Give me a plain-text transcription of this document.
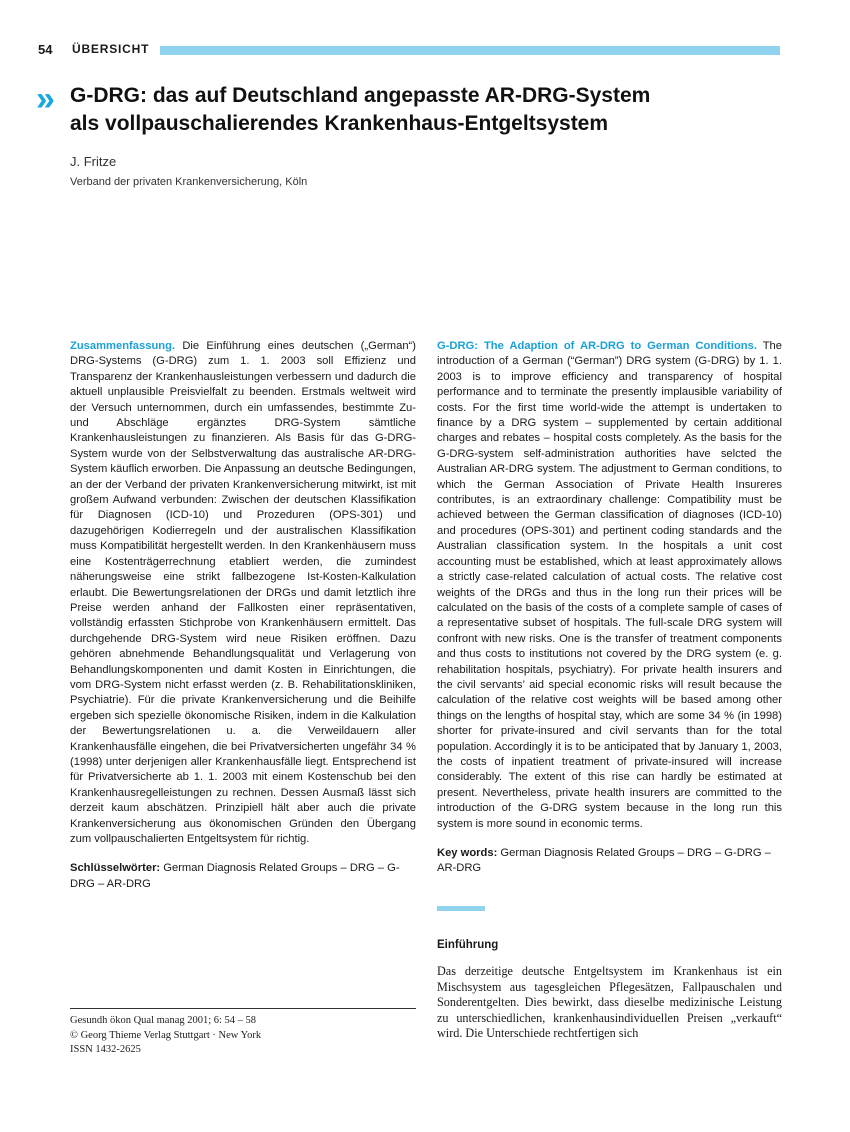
54 ÜBERSICHT
» G-DRG: das auf Deutschland angepasste AR-DRG-System
als vollpauschalierendes Krankenhaus-Entgeltsystem
J. Fritze
Verband der privaten Krankenversicherung, Köln

Zusammenfassung. Die Einführung eines deutschen („German“) DRG-Systems (G-DRG) zum 1. 1. 2003 soll Effizienz und Transparenz der Krankenhausleistungen verbessern und dadurch die aktuell unplausible Preisvielfalt zu beenden. Erstmals weltweit wird der Versuch unternommen, durch ein umfassendes, bestimmte Zu- und Abschläge ergänztes DRG-System sämtliche Krankenhausleistungen zu finanzieren. Als Basis für das G-DRG-System wurde von der Selbstverwaltung das australische AR-DRG-System käuflich erworben. Die Anpassung an deutsche Bedingungen, an der der Verband der privaten Krankenversicherung mitwirkt, ist mit großem Aufwand verbunden: Zwischen der deutschen Klassifikation für Diagnosen (ICD-10) und Prozeduren (OPS-301) und dazugehörigen Kodierregeln und der australischen Klassifikation muss Kompatibilität hergestellt werden. In den Krankenhäusern muss eine Kostenträgerrechnung etabliert werden, die zumindest näherungsweise eine strikt fallbezogene Ist-Kosten-Kalkulation erlaubt. Die Bewertungsrelationen der DRGs und damit letztlich ihre Preise werden anhand der Fallkosten einer repräsentativen, vollständig erfassten Stichprobe von Krankenhäusern ermittelt. Das durchgehende DRG-System wird neue Risiken eröffnen. Dazu gehören abnehmende Behandlungsqualität und Verlagerung von Behandlungskomponenten und damit Kosten in Einrichtungen, die vom DRG-System nicht erfasst werden (z. B. Rehabilitationskliniken, Psychiatrie). Für die private Krankenversicherung und die Beihilfe ergeben sich spezielle ökonomische Risiken, indem in die Kalkulation der Bewertungsrelationen u. a. die Verweildauern aller Krankenhausfälle eingehen, die bei Privatversicherten ungefähr 34 % (1998) unter derjenigen aller Krankenhausfälle liegt. Entsprechend ist für Privatversicherte ab 1. 1. 2003 mit einem Kostenschub bei den Krankenhausregelleistungen zu rechnen. Dessen Ausmaß lässt sich derzeit kaum abschätzen. Prinzipiell hält aber auch die private Krankenversicherung aus ökonomischen Gründen den Übergang zum vollpauschalierten Entgeltsystem für richtig.

Schlüsselwörter: German Diagnosis Related Groups – DRG – G-DRG – AR-DRG

G-DRG: The Adaption of AR-DRG to German Conditions. The introduction of a German (“German”) DRG system (G-DRG) by 1. 1. 2003 is to improve efficiency and transparency of hospital performance and to terminate the presently implausible variability of costs. For the first time world-wide the attempt is undertaken to finance by a DRG system – supplemented by certain additional charges and rebates – hospital costs completely. As the basis for the G-DRG-system self-administration authorities have selcted the Australian AR-DRG system. The adjustment to German conditions, to which the German Association of Private Health Insureres contributes, is an extraordinary challenge: Compatibility must be achieved between the German classification of diagnoses (ICD-10) and procedures (OPS-301) and pertinent coding standards and the Australian classification system. In the hospitals a unit cost accounting must be established, which at least approximately allows a strictly case-related calculation of actual costs. The relative cost weights of the DRGs and thus in the long run their prices will be calculated on the basis of the costs of a complete sample of cases of a representative subset of hospitals. The full-scale DRG system will confront with new risks. One is the transfer of treatment components and thus costs to institutions not covered by the DRG system (e. g. rehabilitation hospitals, psychiatry). For private health insurers and the civil servants’ aid special economic risks will result because the calculation of the relative cost weights will be based among other things on the lengths of hospital stay, which are some 34 % (in 1998) shorter for private-insured and civil servants than for the total population. Accordingly it is to be anticipated that by January 1, 2003, the costs of inpatient treatment of private-insured will increase considerably. The extent of this rise can hardly be estimated at present. Nevertheless, private health insurers are committed to the introduction of the G-DRG system because in the long run this system is more sound in economic terms.

Key words: German Diagnosis Related Groups – DRG – G-DRG – AR-DRG

Einführung

Das derzeitige deutsche Entgeltsystem im Krankenhaus ist ein Mischsystem aus tagesgleichen Pflegesätzen, Fallpauschalen und Sonderentgelten. Dies bewirkt, dass dieselbe medizinische Leistung zu unterschiedlichen, krankenhausindividuellen Preisen „verkauft“ wird. Die Unterschiede rechtfertigen sich

Gesundh ökon Qual manag 2001; 6: 54 – 58
© Georg Thieme Verlag Stuttgart · New York
ISSN 1432-2625
